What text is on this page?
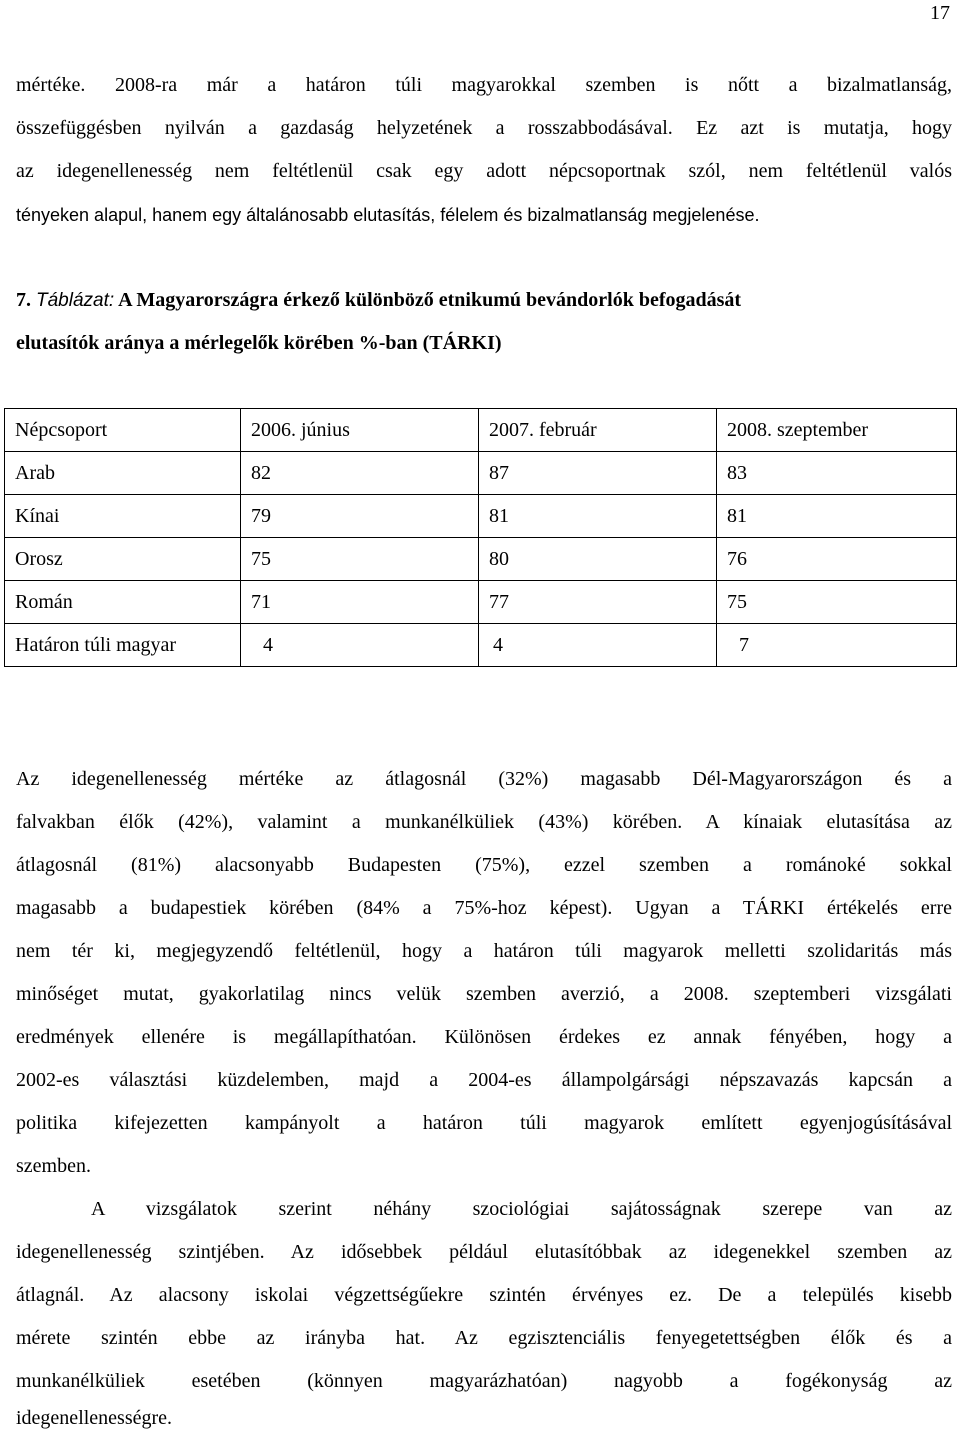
17
mértéke. 2008-ra már a határon túli magyarokkal szemben is nőtt a bizalmatlanság,
összefüggésben nyilván a gazdaság helyzetének a rosszabbodásával. Ez azt is mutatja, hogy
az idegenellenesség nem feltétlenül csak egy adott népcsoportnak szól, nem feltétlenül valós
tényeken alapul, hanem egy általánosabb elutasítás, félelem és bizalmatlanság megjelenése.
7. Táblázat: A Magyarországra érkező különböző etnikumú bevándorlók befogadását
elutasítók aránya a mérlegelők körében %-ban (TÁRKI)
Népcsoport	2006. június	2007. február	2008. szeptember
Arab	82	87	83
Kínai	79	81	81
Orosz	75	80	76
Román	71	77	75
Határon túli magyar	4	4	7
Az idegenellenesség mértéke az átlagosnál (32%) magasabb Dél-Magyarországon és a
falvakban élők (42%), valamint a munkanélküliek (43%) körében. A kínaiak elutasítása az
átlagosnál (81%) alacsonyabb Budapesten (75%), ezzel szemben a románoké sokkal
magasabb a budapestiek körében (84% a 75%-hoz képest). Ugyan a TÁRKI értékelés erre
nem tér ki, megjegyzendő feltétlenül, hogy a határon túli magyarok melletti szolidaritás más
minőséget mutat, gyakorlatilag nincs velük szemben averzió, a 2008. szeptemberi vizsgálati
eredmények ellenére is megállapíthatóan. Különösen érdekes ez annak fényében, hogy a
2002-es választási küzdelemben, majd a 2004-es állampolgársági népszavazás kapcsán a
politika kifejezetten kampányolt a határon túli magyarok említett egyenjogúsításával
szemben.
A vizsgálatok szerint néhány szociológiai sajátosságnak szerepe van az
idegenellenesség szintjében. Az idősebbek például elutasítóbbak az idegenekkel szemben az
átlagnál. Az alacsony iskolai végzettségűekre szintén érvényes ez. De a település kisebb
mérete szintén ebbe az irányba hat. Az egzisztenciális fenyegetettségben élők és a
munkanélküliek esetében (könnyen magyarázhatóan) nagyobb a fogékonyság az
idegenellenességre.
